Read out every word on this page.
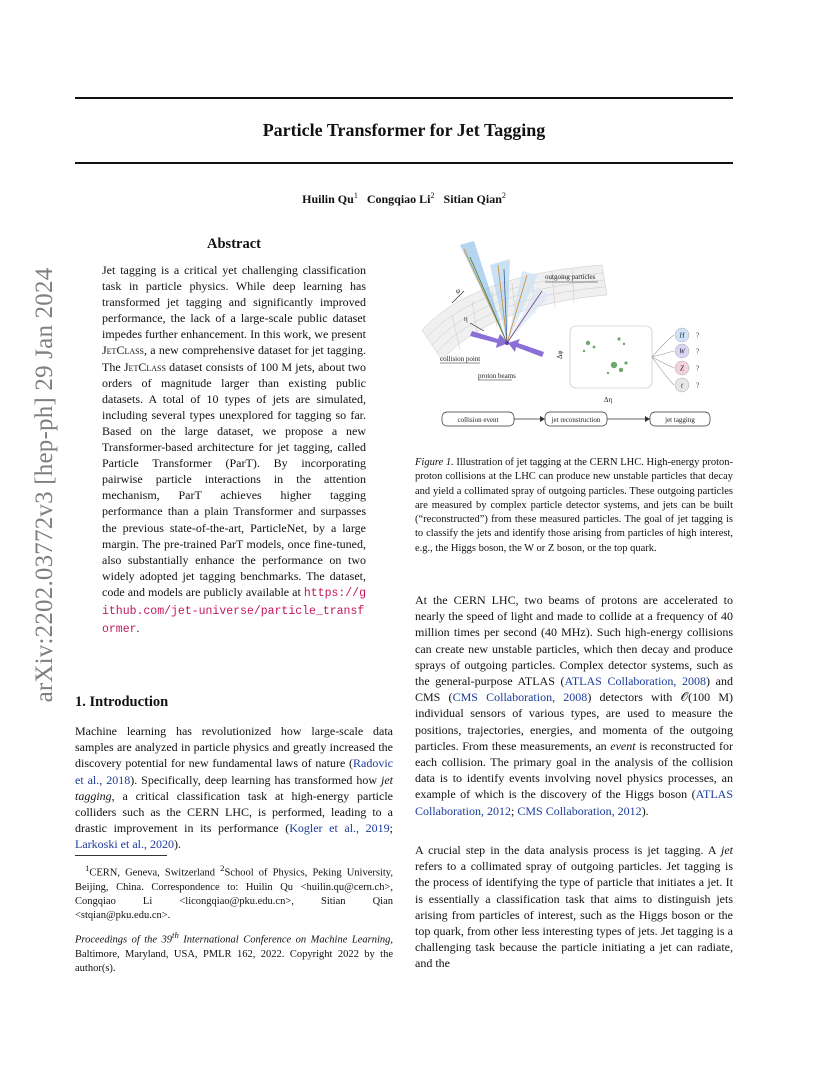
Particle Transformer for Jet Tagging
Huilin Qu$^1$ Congqiao Li$^2$ Sitian Qian$^2$
arXiv:2202.03772v3 [hep-ph] 29 Jan 2024
Abstract
Jet tagging is a critical yet challenging classification task in particle physics. While deep learning has transformed jet tagging and significantly improved performance, the lack of a large-scale public dataset impedes further enhancement. In this work, we present JetClass, a new comprehensive dataset for jet tagging. The JetClass dataset consists of 100 M jets, about two orders of magnitude larger than existing public datasets. A total of 10 types of jets are simulated, including several types unexplored for tagging so far. Based on the large dataset, we propose a new Transformer-based architecture for jet tagging, called Particle Transformer (ParT). By incorporating pairwise particle interactions in the attention mechanism, ParT achieves higher tagging performance than a plain Transformer and surpasses the previous state-of-the-art, ParticleNet, by a large margin. The pre-trained ParT models, once fine-tuned, also substantially enhance the performance on two widely adopted jet tagging benchmarks. The dataset, code and models are publicly available at https://github.com/jet-universe/particle_transformer.
1. Introduction
Machine learning has revolutionized how large-scale data samples are analyzed in particle physics and greatly increased the discovery potential for new fundamental laws of nature (Radovic et al., 2018). Specifically, deep learning has transformed how jet tagging, a critical classification task at high-energy particle colliders such as the CERN LHC, is performed, leading to a drastic improvement in its performance (Kogler et al., 2019; Larkoski et al., 2020).

$^1$CERN, Geneva, Switzerland $^2$School of Physics, Peking University, Beijing, China. Correspondence to: Huilin Qu <huilin.qu@cern.ch>, Congqiao Li <licongqiao@pku.edu.cn>, Sitian Qian <stqian@pku.edu.cn>.

Proceedings of the 39th International Conference on Machine Learning, Baltimore, Maryland, USA, PMLR 162, 2022. Copyright 2022 by the author(s).
φ
η
outgoing particles
collision point
proton beams
Δφ
Δη
H ?
W ?
Z ?
t ?
collision event	jet reconstruction	jet tagging
Figure 1. Illustration of jet tagging at the CERN LHC. High-energy proton-proton collisions at the LHC can produce new unstable particles that decay and yield a collimated spray of outgoing particles. These outgoing particles are measured by complex particle detector systems, and jets can be built (“reconstructed”) from these measured particles. The goal of jet tagging is to classify the jets and identify those arising from particles of high interest, e.g., the Higgs boson, the W or Z boson, or the top quark.

At the CERN LHC, two beams of protons are accelerated to nearly the speed of light and made to collide at a frequency of 40 million times per second (40 MHz). Such high-energy collisions can create new unstable particles, which then decay and produce sprays of outgoing particles. Complex detector systems, such as the general-purpose ATLAS (ATLAS Collaboration, 2008) and CMS (CMS Collaboration, 2008) detectors with 𝒪(100 M) individual sensors of various types, are used to measure the positions, trajectories, energies, and momenta of the outgoing particles. From these measurements, an event is reconstructed for each collision. The primary goal in the analysis of the collision data is to identify events involving novel physics processes, an example of which is the discovery of the Higgs boson (ATLAS Collaboration, 2012; CMS Collaboration, 2012).

A crucial step in the data analysis process is jet tagging. A jet refers to a collimated spray of outgoing particles. Jet tagging is the process of identifying the type of particle that initiates a jet. It is essentially a classification task that aims to distinguish jets arising from particles of interest, such as the Higgs boson or the top quark, from other less interesting types of jets. Jet tagging is a challenging task because the particle initiating a jet can radiate, and the
